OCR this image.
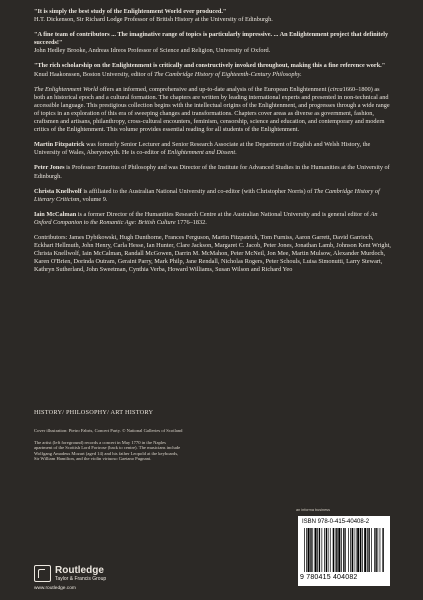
"It is simply the best study of the Enlightenment World ever produced."
H.T. Dickenson, Sir Richard Lodge Professor of British History at the University of Edinburgh.
"A fine team of contributors ... The imaginative range of topics is particularly impressive. ... An Enlightenment project that definitely succeeds!"
John Hedley Brooke, Andreas Idreos Professor of Science and Religion, University of Oxford.
"The rich scholarship on the Enlightenment is critically and constructively invoked throughout, making this a fine reference work."
Knud Haakonssen, Boston University, editor of The Cambridge History of Eighteenth-Century Philosophy.
The Enlightenment World offers an informed, comprehensive and up-to-date analysis of the European Enlightenment (circa1660–1800) as both an historical epoch and a cultural formation. The chapters are written by leading international experts and presented in non-technical and accessible language. This prestigious collection begins with the intellectual origins of the Enlightenment, and progresses through a wide range of topics in an exploration of this era of sweeping changes and transformations. Chapters cover areas as diverse as government, fashion, craftsmen and artisans, philanthropy, cross-cultural encounters, feminism, censorship, science and education, and contemporary and modern critics of the Enlightenment. This volume provides essential reading for all students of the Enlightenment.
Martin Fitzpatrick was formerly Senior Lecturer and Senior Research Associate at the Department of English and Welsh History, the University of Wales, Aberystwyth. He is co-editor of Enlightenment and Dissent.
Peter Jones is Professor Emeritus of Philosophy and was Director of the Institute for Advanced Studies in the Humanities at the University of Edinburgh.
Christa Knellwolf is affiliated to the Australian National University and co-editor (with Christopher Norris) of The Cambridge History of Literary Criticism, volume 9.
Iain McCalman is a former Director of the Humanities Research Centre at the Australian National University and is general editor of An Oxford Companion to the Romantic Age: British Culture 1776–1832.
Contributors: James Dybikowski, Hugh Dunthorne, Frances Ferguson, Martin Fitzpatrick, Tom Furniss, Aaron Garrett, David Garrioch, Eckhart Hellmuth, John Henry, Carla Hesse, Ian Hunter, Clare Jackson, Margaret C. Jacob, Peter Jones, Jonathan Lamb, Johnson Kent Wright, Christa Knellwolf, Iain McCalman, Randall McGowen, Darrin M. McMahon, Peter McNeil, Jon Mee, Martin Mulsow, Alexander Murdoch, Karen O'Brien, Dorinda Outram, Geraint Parry, Mark Philp, Jane Rendall, Nicholas Rogers, Peter Schouls, Luisa Simonutti, Larry Stewart, Kathryn Sutherland, John Sweetman, Cynthia Verba, Howard Williams, Susan Wilson and Richard Yeo
HISTORY/ PHILOSOPHY/ ART HISTORY

Cover illustration: Pietro Fabris, Concert Party. © National Galleries of Scotland

The artist (left foreground) records a concert in May 1770 in the Naples apartment of the Scottish Lord Fortrose (back to centre). The musicians include Wolfgang Amadeus Mozart (aged 14) and his father Leopold at the keyboards, Sir William Hamilton, and the violin virtuoso Gaetano Pugnani.

Routledge
Taylor & Francis Group
www.routledge.com
an informa business
ISBN 978-0-415-40408-2
9 780415 404082
